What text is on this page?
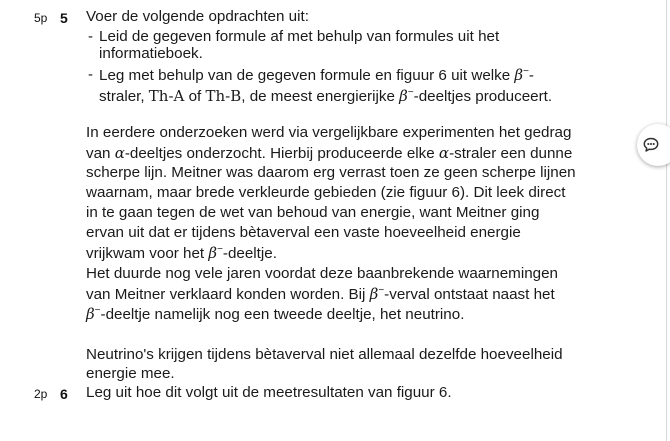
5p 5 Voer de volgende opdrachten uit:
- Leid de gegeven formule af met behulp van formules uit het
informatieboek.
- Leg met behulp van de gegeven formule en figuur 6 uit welke β−-
straler, Th-A of Th-B, de meest energierijke β−-deeltjes produceert.
In eerdere onderzoeken werd via vergelijkbare experimenten het gedrag
van α-deeltjes onderzocht. Hierbij produceerde elke α-straler een dunne
scherpe lijn. Meitner was daarom erg verrast toen ze geen scherpe lijnen
waarnam, maar brede verkleurde gebieden (zie figuur 6). Dit leek direct
in te gaan tegen de wet van behoud van energie, want Meitner ging
ervan uit dat er tijdens bètaverval een vaste hoeveelheid energie
vrijkwam voor het β−-deeltje.
Het duurde nog vele jaren voordat deze baanbrekende waarnemingen
van Meitner verklaard konden worden. Bij β−-verval ontstaat naast het
β−-deeltje namelijk nog een tweede deeltje, het neutrino.
Neutrino's krijgen tijdens bètaverval niet allemaal dezelfde hoeveelheid
energie mee.
2p 6 Leg uit hoe dit volgt uit de meetresultaten van figuur 6.
